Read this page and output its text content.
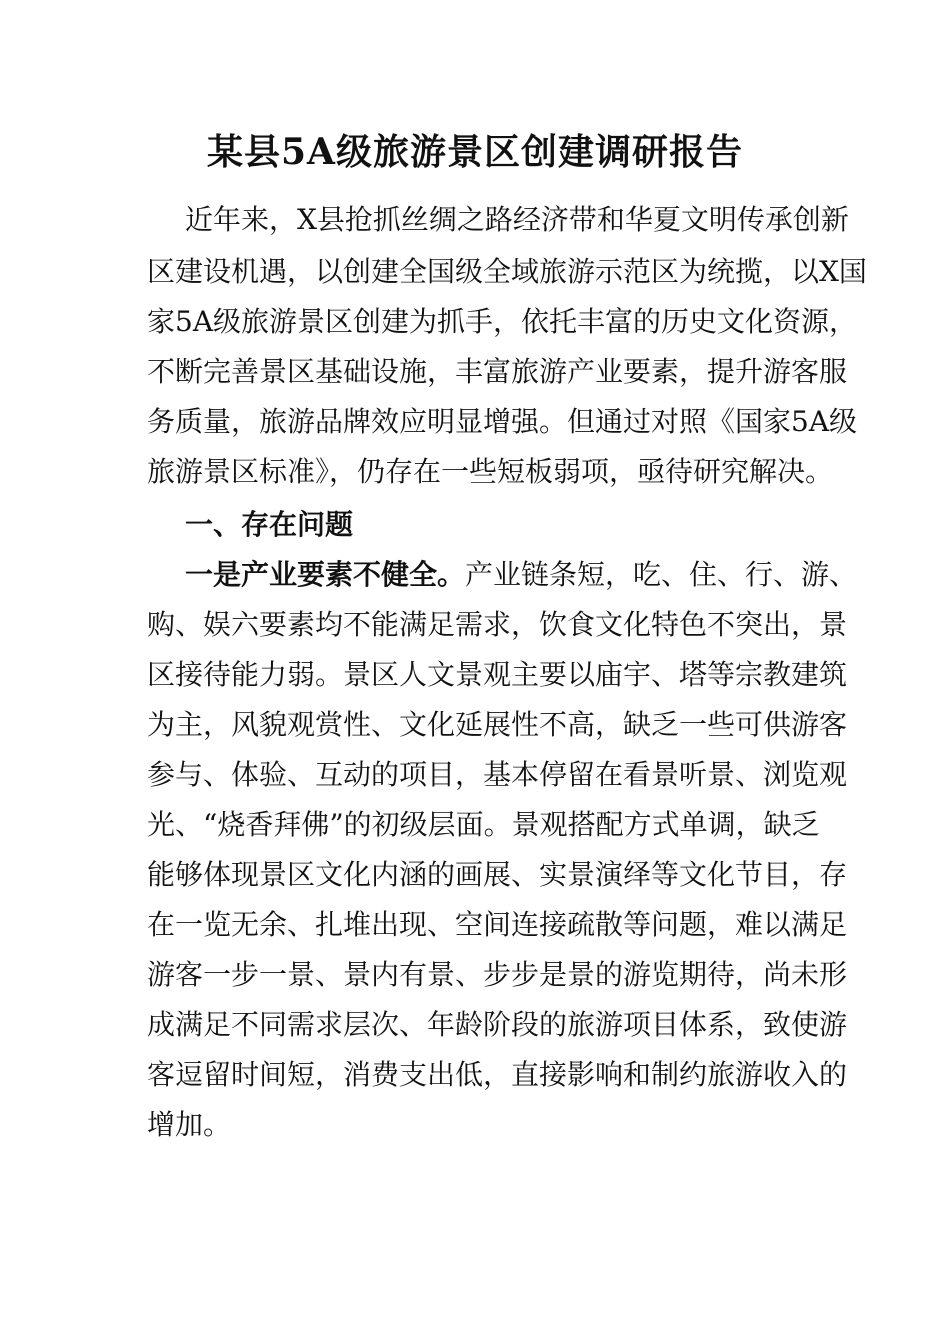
某县5A级旅游景区创建调研报告
近年来，X县抢抓丝绸之路经济带和华夏文明传承创新
区建设机遇，以创建全国级全域旅游示范区为统揽，以X国
家5A级旅游景区创建为抓手，依托丰富的历史文化资源，
不断完善景区基础设施，丰富旅游产业要素，提升游客服
务质量，旅游品牌效应明显增强。但通过对照《国家5A级
旅游景区标准》，仍存在一些短板弱项，亟待研究解决。
一、存在问题
一是产业要素不健全。产业链条短，吃、住、行、游、
购、娱六要素均不能满足需求，饮食文化特色不突出，景
区接待能力弱。景区人文景观主要以庙宇、塔等宗教建筑
为主，风貌观赏性、文化延展性不高，缺乏一些可供游客
参与、体验、互动的项目，基本停留在看景听景、浏览观
光、“烧香拜佛”的初级层面。景观搭配方式单调，缺乏
能够体现景区文化内涵的画展、实景演绎等文化节目，存
在一览无余、扎堆出现、空间连接疏散等问题，难以满足
游客一步一景、景内有景、步步是景的游览期待，尚未形
成满足不同需求层次、年龄阶段的旅游项目体系，致使游
客逗留时间短，消费支出低，直接影响和制约旅游收入的
增加。
